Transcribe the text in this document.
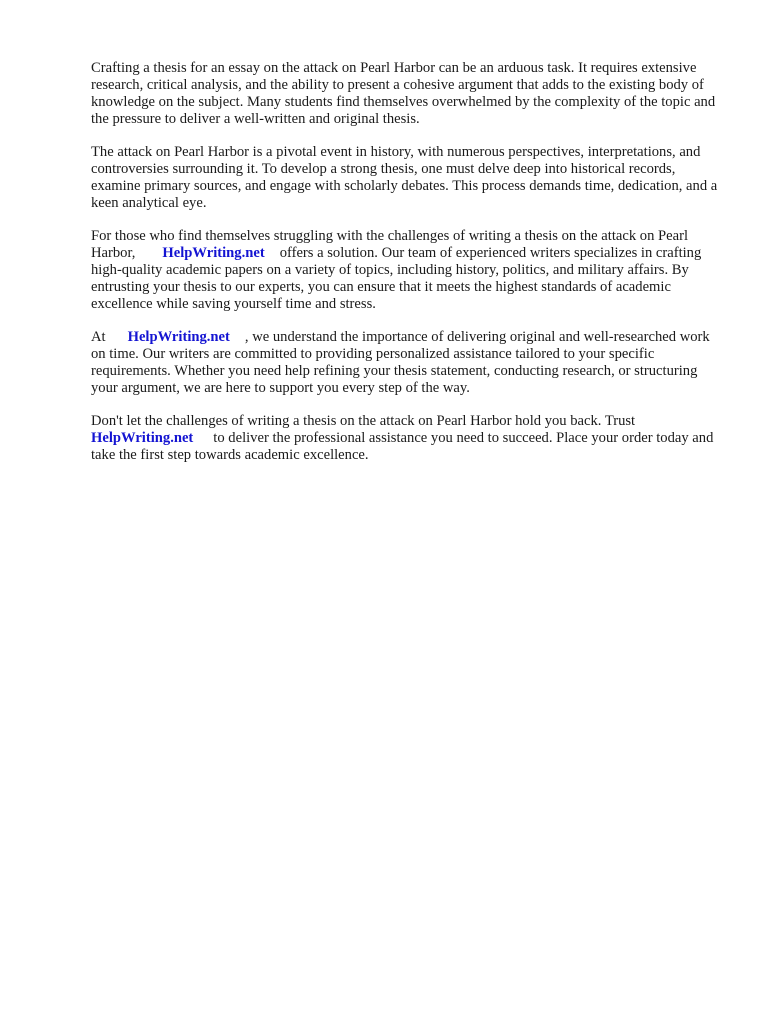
Crafting a thesis for an essay on the attack on Pearl Harbor can be an arduous task. It requires extensive research, critical analysis, and the ability to present a cohesive argument that adds to the existing body of knowledge on the subject. Many students find themselves overwhelmed by the complexity of the topic and the pressure to deliver a well-written and original thesis.

The attack on Pearl Harbor is a pivotal event in history, with numerous perspectives, interpretations, and controversies surrounding it. To develop a strong thesis, one must delve deep into historical records, examine primary sources, and engage with scholarly debates. This process demands time, dedication, and a keen analytical eye.

For those who find themselves struggling with the challenges of writing a thesis on the attack on Pearl Harbor, HelpWriting.net offers a solution. Our team of experienced writers specializes in crafting high-quality academic papers on a variety of topics, including history, politics, and military affairs. By entrusting your thesis to our experts, you can ensure that it meets the highest standards of academic excellence while saving yourself time and stress.

At HelpWriting.net , we understand the importance of delivering original and well-researched work on time. Our writers are committed to providing personalized assistance tailored to your specific requirements. Whether you need help refining your thesis statement, conducting research, or structuring your argument, we are here to support you every step of the way.

Don't let the challenges of writing a thesis on the attack on Pearl Harbor hold you back. Trust HelpWriting.net to deliver the professional assistance you need to succeed. Place your order today and take the first step towards academic excellence.
